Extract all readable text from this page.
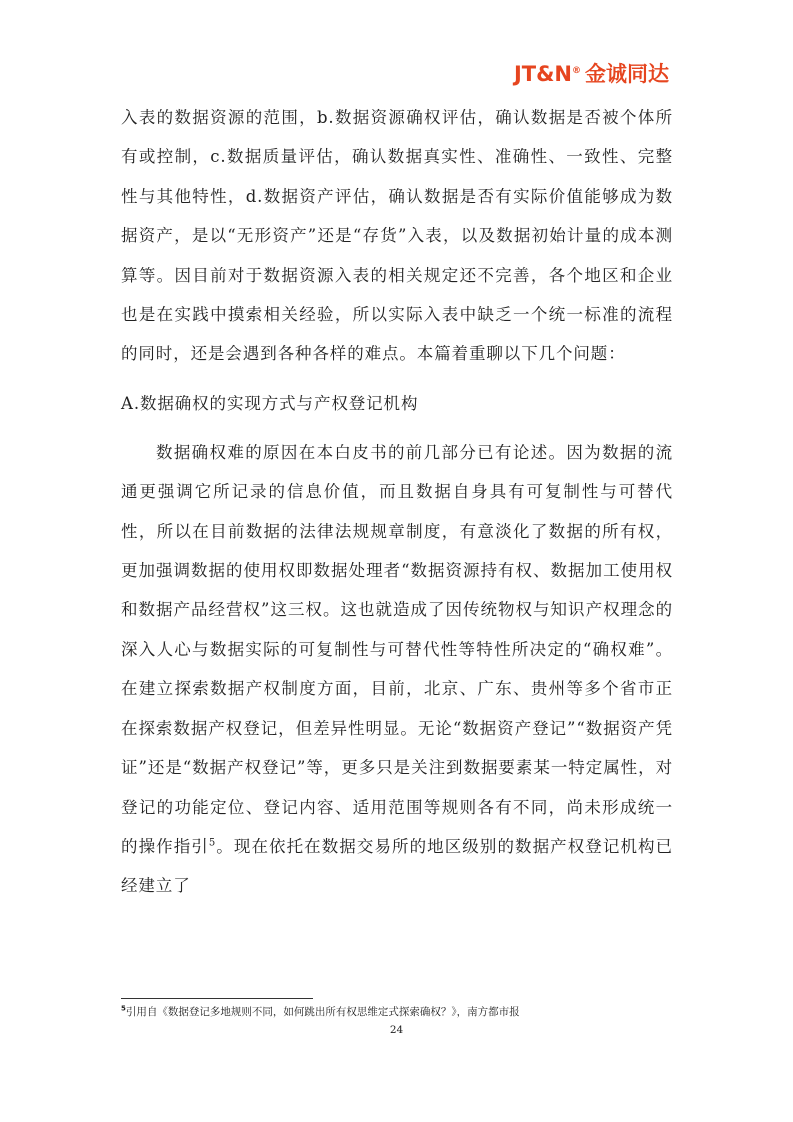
JT&N® 金诚同达

入表的数据资源的范围，b.数据资源确权评估，确认数据是否被个体所有或控制，c.数据质量评估，确认数据真实性、准确性、一致性、完整性与其他特性，d.数据资产评估，确认数据是否有实际价值能够成为数据资产，是以“无形资产”还是“存货”入表，以及数据初始计量的成本测算等。因目前对于数据资源入表的相关规定还不完善，各个地区和企业也是在实践中摸索相关经验，所以实际入表中缺乏一个统一标准的流程的同时，还是会遇到各种各样的难点。本篇着重聊以下几个问题：

A.数据确权的实现方式与产权登记机构

数据确权难的原因在本白皮书的前几部分已有论述。因为数据的流通更强调它所记录的信息价值，而且数据自身具有可复制性与可替代性，所以在目前数据的法律法规规章制度，有意淡化了数据的所有权，更加强调数据的使用权即数据处理者“数据资源持有权、数据加工使用权和数据产品经营权”这三权。这也就造成了因传统物权与知识产权理念的深入人心与数据实际的可复制性与可替代性等特性所决定的“确权难”。在建立探索数据产权制度方面，目前，北京、广东、贵州等多个省市正在探索数据产权登记，但差异性明显。无论“数据资产登记”“数据资产凭证”还是“数据产权登记”等，更多只是关注到数据要素某一特定属性，对登记的功能定位、登记内容、适用范围等规则各有不同，尚未形成统一的操作指引$^5$。现在依托在数据交易所的地区级别的数据产权登记机构已经建立了

$^5$引用自《数据登记多地规则不同，如何跳出所有权思维定式探索确权？》，南方都市报
24
